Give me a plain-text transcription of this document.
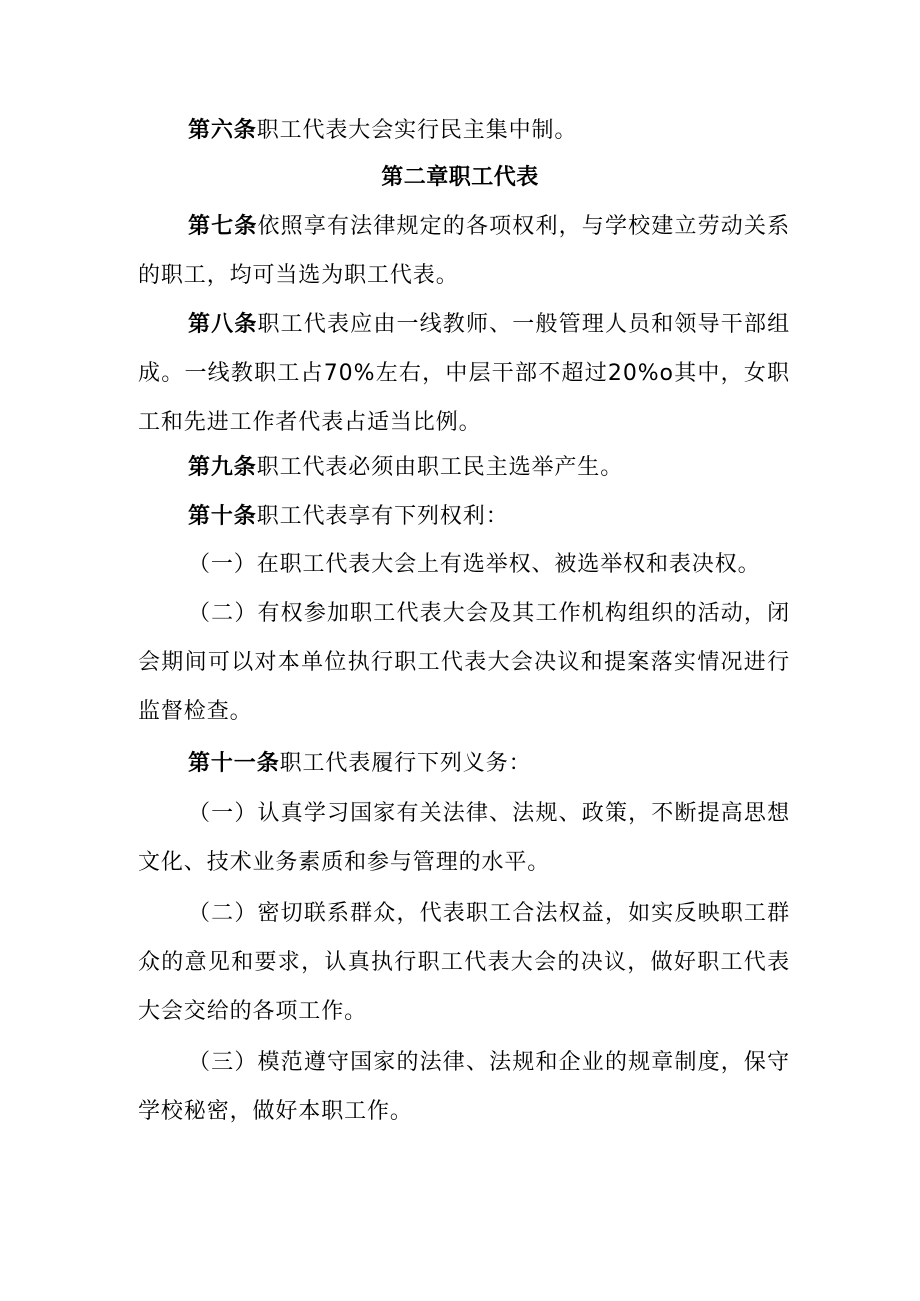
第六条职工代表大会实行民主集中制。

第二章职工代表

第七条依照享有法律规定的各项权利，与学校建立劳动关系的职工，均可当选为职工代表。

第八条职工代表应由一线教师、一般管理人员和领导干部组成。一线教职工占70%左右，中层干部不超过20%o其中，女职工和先进工作者代表占适当比例。

第九条职工代表必须由职工民主选举产生。

第十条职工代表享有下列权利：

（一）在职工代表大会上有选举权、被选举权和表决权。

（二）有权参加职工代表大会及其工作机构组织的活动，闭会期间可以对本单位执行职工代表大会决议和提案落实情况进行监督检查。

第十一条职工代表履行下列义务：

（一）认真学习国家有关法律、法规、政策，不断提高思想文化、技术业务素质和参与管理的水平。

（二）密切联系群众，代表职工合法权益，如实反映职工群众的意见和要求，认真执行职工代表大会的决议，做好职工代表大会交给的各项工作。

（三）模范遵守国家的法律、法规和企业的规章制度，保守学校秘密，做好本职工作。
